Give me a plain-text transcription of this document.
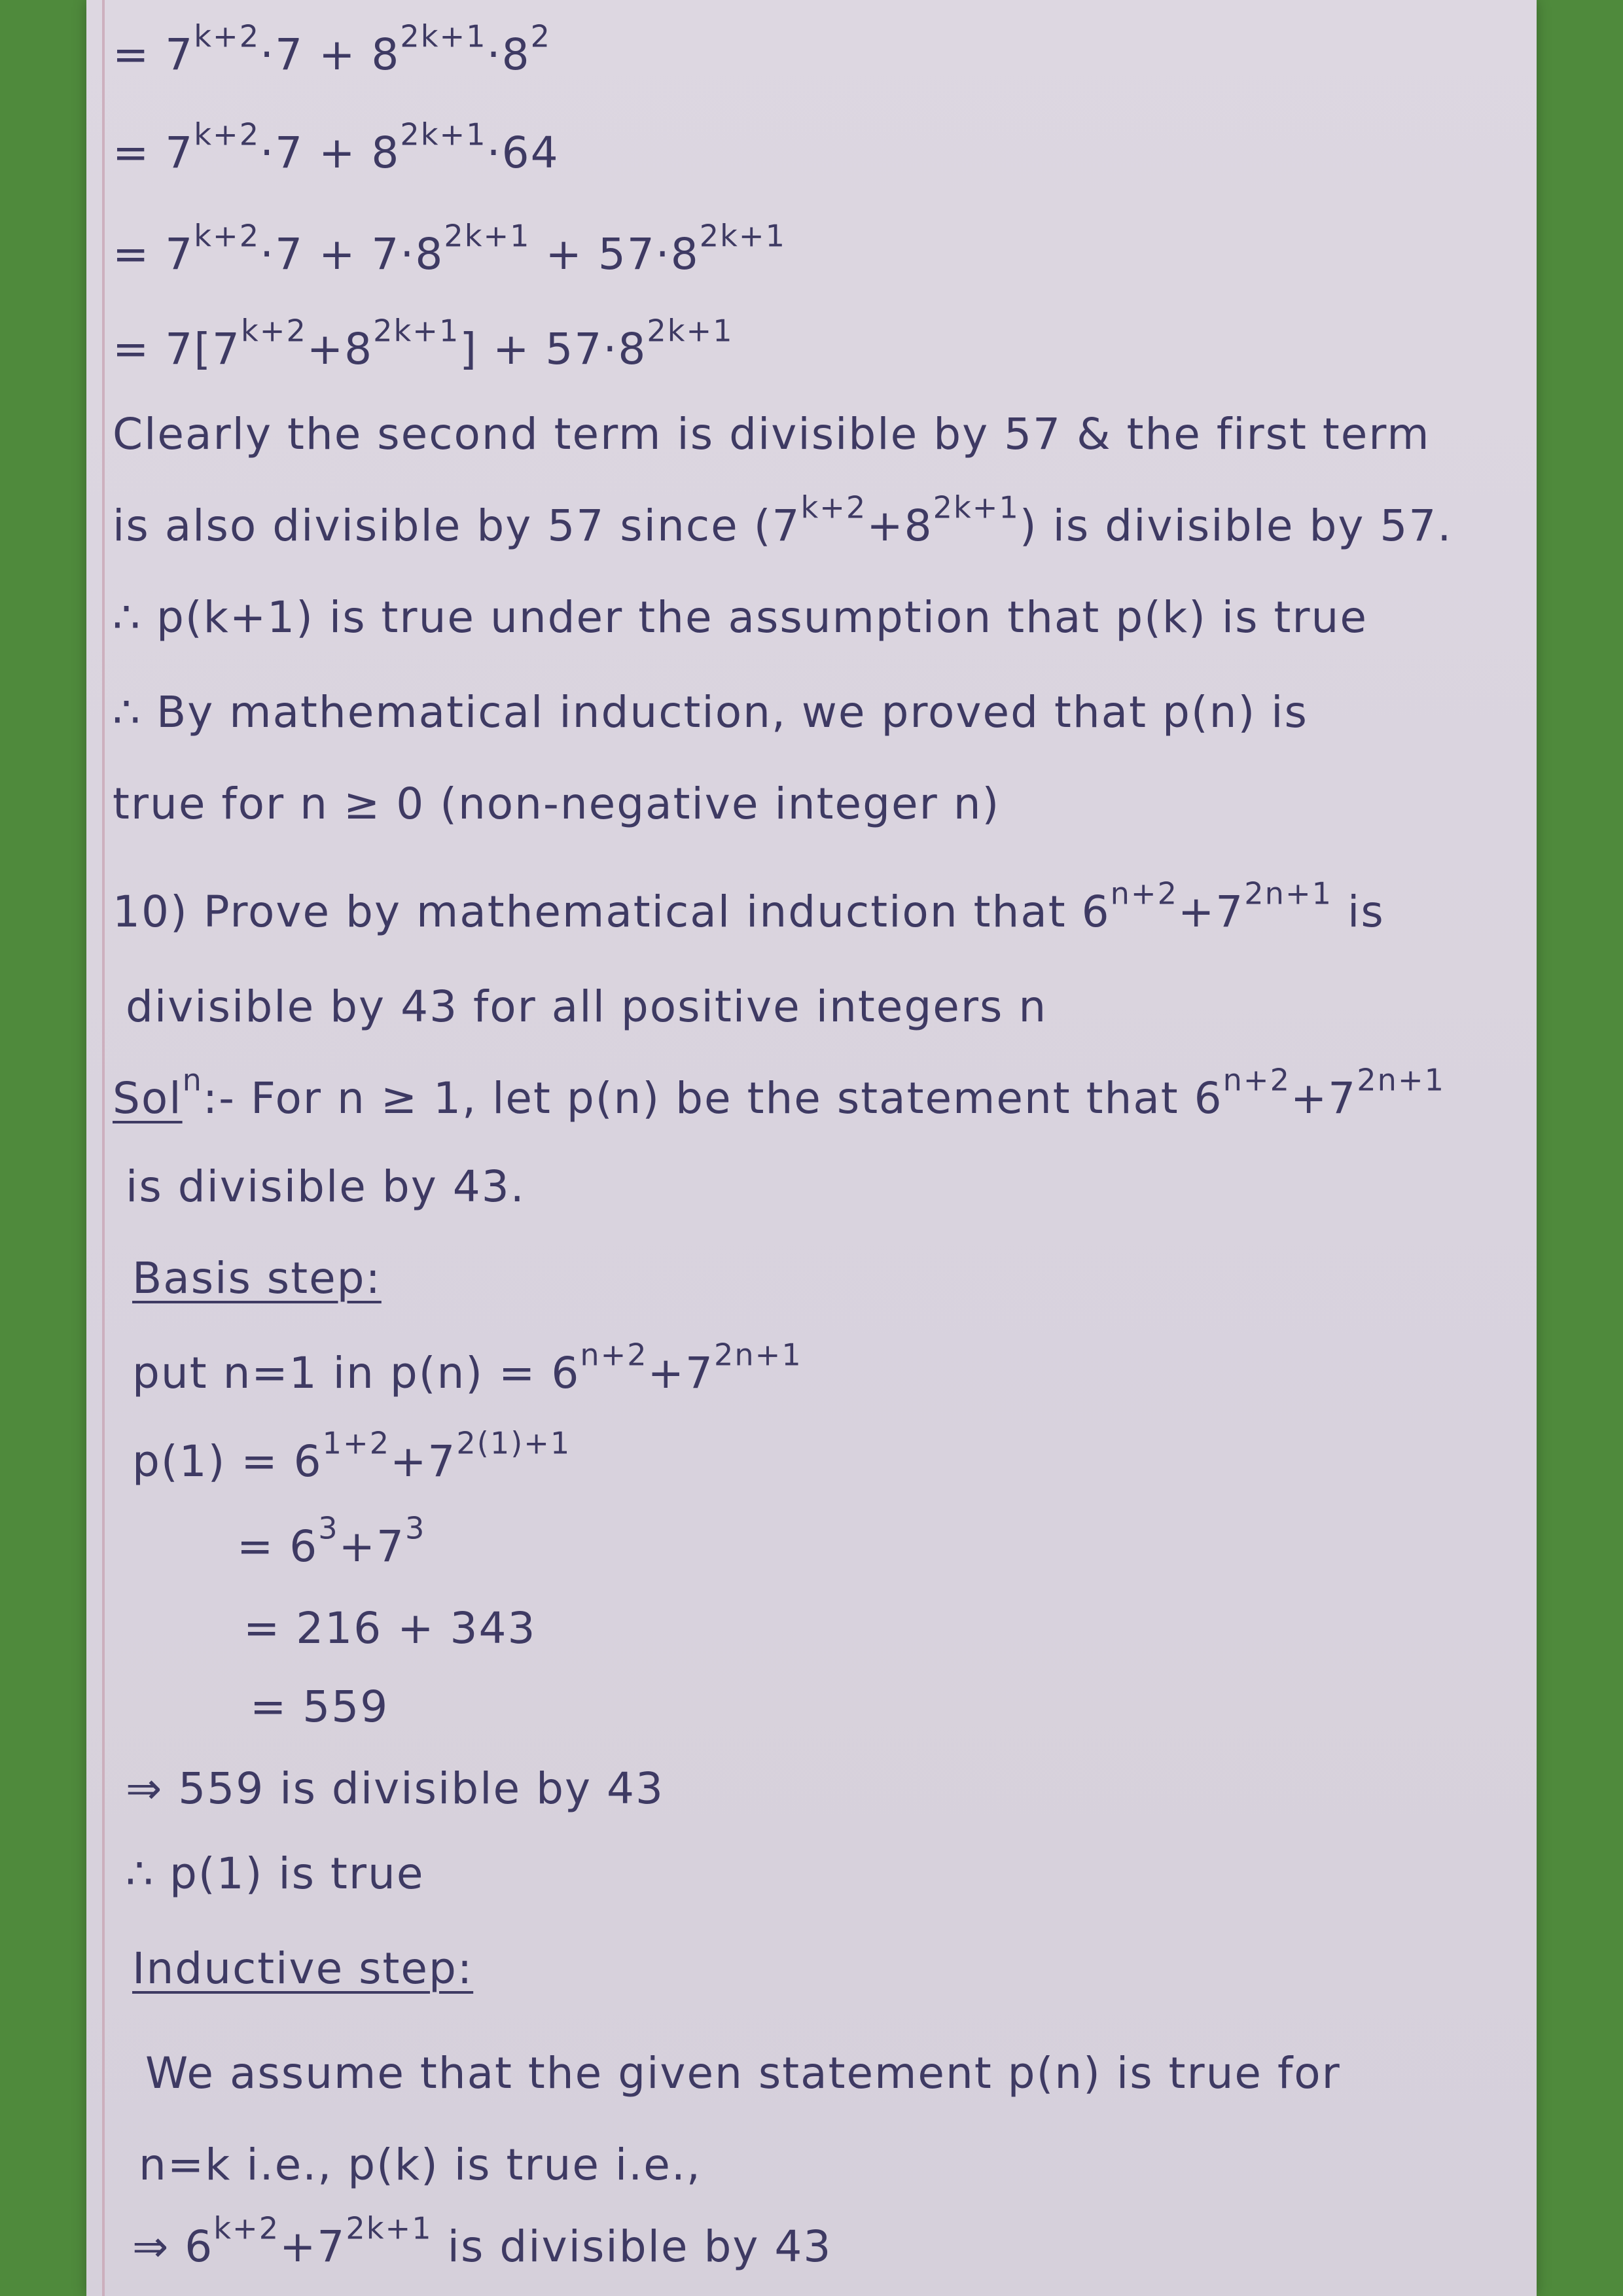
= $7^{k+2}\cdot 7 + 8^{2k+1}\cdot 8^2$
= $7^{k+2}\cdot 7 + 8^{2k+1}\cdot 64$
= $7^{k+2}\cdot 7 + 7\cdot 8^{2k+1} + 57\cdot 8^{2k+1}$
= $7[7^{k+2}+8^{2k+1}] + 57\cdot 8^{2k+1}$
Clearly the second term is divisible by 57 & the first term
is also divisible by 57 since $(7^{k+2}+8^{2k+1})$ is divisible by 57.
∴ p(k+1) is true under the assumption that p(k) is true
∴ By mathematical induction, we proved that p(n) is
true for n ≥ 0 (non-negative integer n)
10) Prove by mathematical induction that $6^{n+2}+7^{2n+1}$ is
divisible by 43 for all positive integers n
Sol$^n$:- For n ≥ 1, let p(n) be the statement that $6^{n+2}+7^{2n+1}$
is divisible by 43.
Basis step:
put n=1 in $p(n) = 6^{n+2}+7^{2n+1}$
$p(1) = 6^{1+2}+7^{2(1)+1}$
= $6^3+7^3$
= 216 + 343
= 559
⇒ 559 is divisible by 43
∴ p(1) is true
Inductive step:
We assume that the given statement p(n) is true for
n=k i.e., p(k) is true i.e.,
⇒ $6^{k+2}+7^{2k+1}$ is divisible by 43
